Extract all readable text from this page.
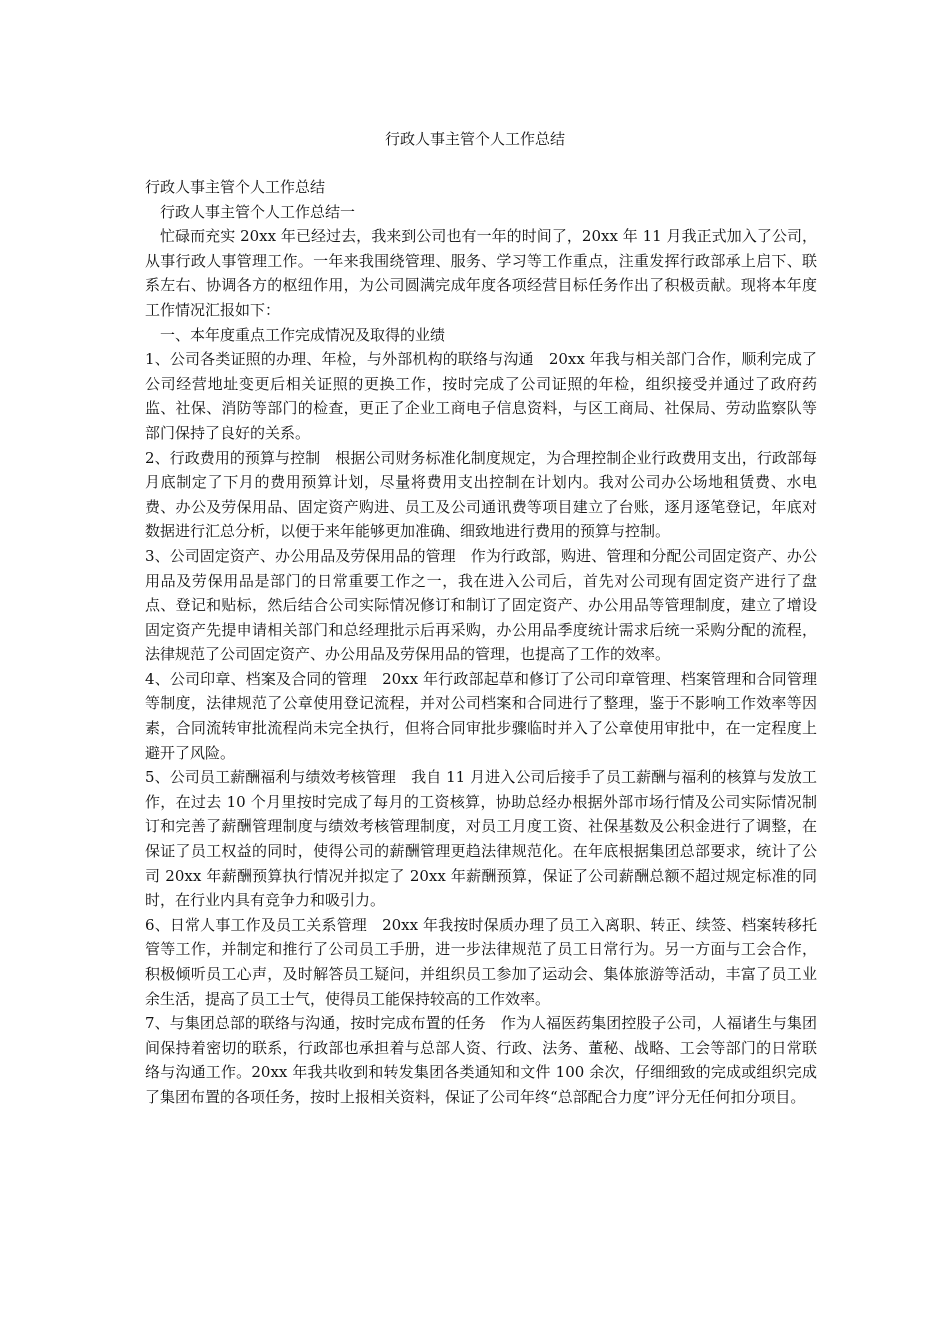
行政人事主管个人工作总结

行政人事主管个人工作总结

行政人事主管个人工作总结一

忙碌而充实 20xx 年已经过去，我来到公司也有一年的时间了，20xx 年 11 月我正式加入了公司，从事行政人事管理工作。一年来我围绕管理、服务、学习等工作重点，注重发挥行政部承上启下、联系左右、协调各方的枢纽作用，为公司圆满完成年度各项经营目标任务作出了积极贡献。现将本年度工作情况汇报如下：

一、本年度重点工作完成情况及取得的业绩

1、公司各类证照的办理、年检，与外部机构的联络与沟通　20xx 年我与相关部门合作，顺利完成了公司经营地址变更后相关证照的更换工作，按时完成了公司证照的年检，组织接受并通过了政府药监、社保、消防等部门的检查，更正了企业工商电子信息资料，与区工商局、社保局、劳动监察队等部门保持了良好的关系。

2、行政费用的预算与控制　根据公司财务标准化制度规定，为合理控制企业行政费用支出，行政部每月底制定了下月的费用预算计划，尽量将费用支出控制在计划内。我对公司办公场地租赁费、水电费、办公及劳保用品、固定资产购进、员工及公司通讯费等项目建立了台账，逐月逐笔登记，年底对数据进行汇总分析，以便于来年能够更加准确、细致地进行费用的预算与控制。

3、公司固定资产、办公用品及劳保用品的管理　作为行政部，购进、管理和分配公司固定资产、办公用品及劳保用品是部门的日常重要工作之一，我在进入公司后，首先对公司现有固定资产进行了盘点、登记和贴标，然后结合公司实际情况修订和制订了固定资产、办公用品等管理制度，建立了增设固定资产先提申请相关部门和总经理批示后再采购，办公用品季度统计需求后统一采购分配的流程，法律规范了公司固定资产、办公用品及劳保用品的管理，也提高了工作的效率。

4、公司印章、档案及合同的管理　20xx 年行政部起草和修订了公司印章管理、档案管理和合同管理等制度，法律规范了公章使用登记流程，并对公司档案和合同进行了整理，鉴于不影响工作效率等因素，合同流转审批流程尚未完全执行，但将合同审批步骤临时并入了公章使用审批中，在一定程度上避开了风险。

5、公司员工薪酬福利与绩效考核管理　我自 11 月进入公司后接手了员工薪酬与福利的核算与发放工作，在过去 10 个月里按时完成了每月的工资核算，协助总经办根据外部市场行情及公司实际情况制订和完善了薪酬管理制度与绩效考核管理制度，对员工月度工资、社保基数及公积金进行了调整，在保证了员工权益的同时，使得公司的薪酬管理更趋法律规范化。在年底根据集团总部要求，统计了公司 20xx 年薪酬预算执行情况并拟定了 20xx 年薪酬预算，保证了公司薪酬总额不超过规定标准的同时，在行业内具有竞争力和吸引力。

6、日常人事工作及员工关系管理　20xx 年我按时保质办理了员工入离职、转正、续签、档案转移托管等工作，并制定和推行了公司员工手册，进一步法律规范了员工日常行为。另一方面与工会合作，积极倾听员工心声，及时解答员工疑问，并组织员工参加了运动会、集体旅游等活动，丰富了员工业余生活，提高了员工士气，使得员工能保持较高的工作效率。

7、与集团总部的联络与沟通，按时完成布置的任务　作为人福医药集团控股子公司，人福诸生与集团间保持着密切的联系，行政部也承担着与总部人资、行政、法务、董秘、战略、工会等部门的日常联络与沟通工作。20xx 年我共收到和转发集团各类通知和文件 100 余次，仔细细致的完成或组织完成了集团布置的各项任务，按时上报相关资料，保证了公司年终“总部配合力度”评分无任何扣分项目。
